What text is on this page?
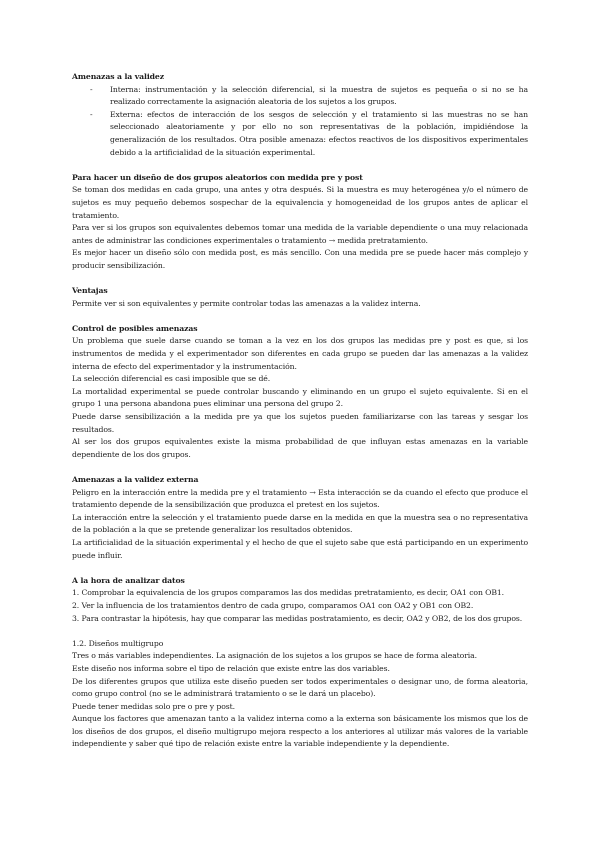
Amenazas a la validez

- Interna: instrumentación y la selección diferencial, si la muestra de sujetos es pequeña o si no se ha realizado correctamente la asignación aleatoria de los sujetos a los grupos.
- Externa: efectos de interacción de los sesgos de selección y el tratamiento si las muestras no se han seleccionado aleatoriamente y por ello no son representativas de la población, impidiéndose la generalización de los resultados. Otra posible amenaza: efectos reactivos de los dispositivos experimentales debido a la artificialidad de la situación experimental.

Para hacer un diseño de dos grupos aleatorios con medida pre y post

Se toman dos medidas en cada grupo, una antes y otra después. Si la muestra es muy heterogénea y/o el número de sujetos es muy pequeño debemos sospechar de la equivalencia y homogeneidad de los grupos antes de aplicar el tratamiento.

Para ver si los grupos son equivalentes debemos tomar una medida de la variable dependiente o una muy relacionada antes de administrar las condiciones experimentales o tratamiento → medida pretratamiento.

Es mejor hacer un diseño sólo con medida post, es más sencillo. Con una medida pre se puede hacer más complejo y producir sensibilización.

Ventajas

Permite ver si son equivalentes y permite controlar todas las amenazas a la validez interna.

Control de posibles amenazas

Un problema que suele darse cuando se toman a la vez en los dos grupos las medidas pre y post es que, si los instrumentos de medida y el experimentador son diferentes en cada grupo se pueden dar las amenazas a la validez interna de efecto del experimentador y la instrumentación.

La selección diferencial es casi imposible que se dé.

La mortalidad experimental se puede controlar buscando y eliminando en un grupo el sujeto equivalente. Si en el grupo 1 una persona abandona pues eliminar una persona del grupo 2.

Puede darse sensibilización a la medida pre ya que los sujetos pueden familiarizarse con las tareas y sesgar los resultados.

Al ser los dos grupos equivalentes existe la misma probabilidad de que influyan estas amenazas en la variable dependiente de los dos grupos.

Amenazas a la validez externa

Peligro en la interacción entre la medida pre y el tratamiento → Esta interacción se da cuando el efecto que produce el tratamiento depende de la sensibilización que produzca el pretest en los sujetos.

La interacción entre la selección y el tratamiento puede darse en la medida en que la muestra sea o no representativa de la población a la que se pretende generalizar los resultados obtenidos.

La artificialidad de la situación experimental y el hecho de que el sujeto sabe que está participando en un experimento puede influir.

A la hora de analizar datos

1. Comprobar la equivalencia de los grupos comparamos las dos medidas pretratamiento, es decir, OA1 con OB1.

2. Ver la influencia de los tratamientos dentro de cada grupo, comparamos OA1 con OA2 y OB1 con OB2.

3. Para contrastar la hipótesis, hay que comparar las medidas postratamiento, es decir, OA2 y OB2, de los dos grupos.

1.2. Diseños multigrupo

Tres o más variables independientes. La asignación de los sujetos a los grupos se hace de forma aleatoria.

Este diseño nos informa sobre el tipo de relación que existe entre las dos variables.

De los diferentes grupos que utiliza este diseño pueden ser todos experimentales o designar uno, de forma aleatoria, como grupo control (no se le administrará tratamiento o se le dará un placebo).

Puede tener medidas solo pre o pre y post.

Aunque los factores que amenazan tanto a la validez interna como a la externa son básicamente los mismos que los de los diseños de dos grupos, el diseño multigrupo mejora respecto a los anteriores al utilizar más valores de la variable independiente y saber qué tipo de relación existe entre la variable independiente y la dependiente.
